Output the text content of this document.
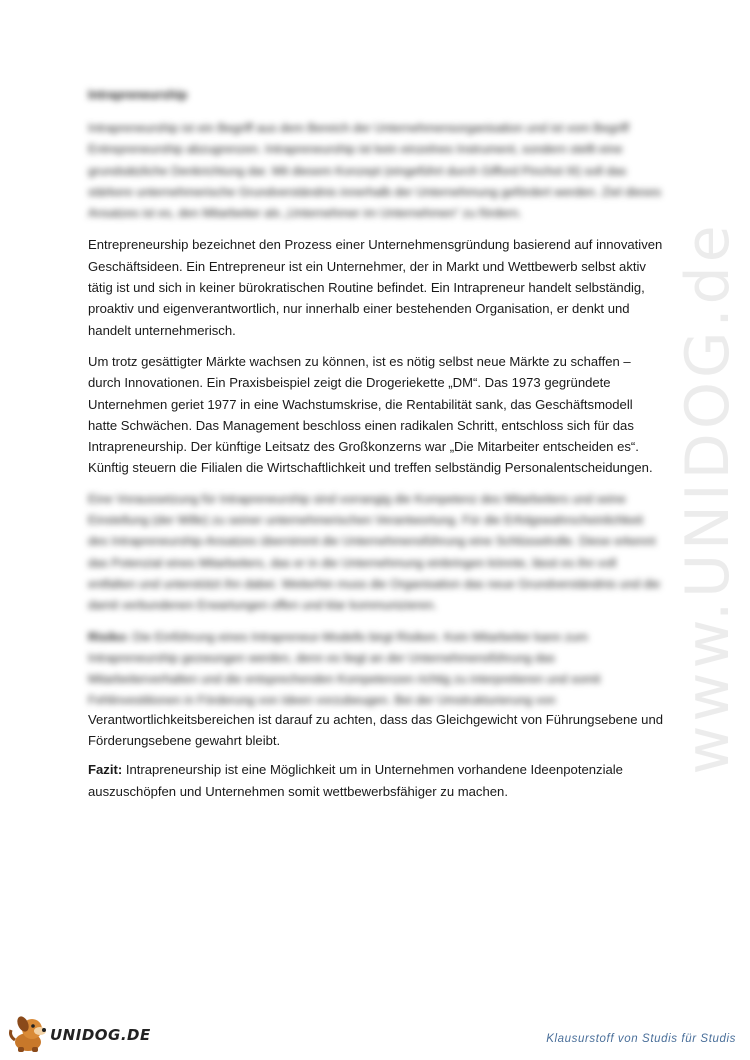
www.UNIDOG.de
Intrapreneurship

Intrapreneurship ist ein Begriff aus dem Bereich der Unternehmensorganisation und ist vom Begriff Entrepreneurship abzugrenzen. Intrapreneurship ist kein einzelnes Instrument, sondern stellt eine grundsätzliche Denkrichtung dar. Mit diesem Konzept (eingeführt durch Gifford Pinchot III) soll das stärkere unternehmerische Grundverständnis innerhalb der Unternehmung gefördert werden. Ziel dieses Ansatzes ist es, den Mitarbeiter als „Unternehmer im Unternehmen“ zu fördern.

Entrepreneurship bezeichnet den Prozess einer Unternehmensgründung basierend auf innovativen Geschäftsideen. Ein Entrepreneur ist ein Unternehmer, der in Markt und Wettbewerb selbst aktiv tätig ist und sich in keiner bürokratischen Routine befindet. Ein Intrapreneur handelt selbständig, proaktiv und eigenverantwortlich, nur innerhalb einer bestehenden Organisation, er denkt und handelt unternehmerisch.

Um trotz gesättigter Märkte wachsen zu können, ist es nötig selbst neue Märkte zu schaffen – durch Innovationen. Ein Praxisbeispiel zeigt die Drogeriekette „DM“. Das 1973 gegründete Unternehmen geriet 1977 in eine Wachstumskrise, die Rentabilität sank, das Geschäftsmodell hatte Schwächen. Das Management beschloss einen radikalen Schritt, entschloss sich für das Intrapreneurship. Der künftige Leitsatz des Großkonzerns war „Die Mitarbeiter entscheiden es“. Künftig steuern die Filialen die Wirtschaftlichkeit und treffen selbständig Personalentscheidungen.

Eine Voraussetzung für Intrapreneurship sind vorrangig die Kompetenz des Mitarbeiters und seine Einstellung (der Wille) zu seiner unternehmerischen Verantwortung. Für die Erfolgswahrscheinlichkeit des Intrapreneurship-Ansatzes übernimmt die Unternehmensführung eine Schlüsselrolle. Diese erkennt das Potenzial eines Mitarbeiters, das er in die Unternehmung einbringen könnte, lässt es ihn voll entfalten und unterstützt ihn dabei. Weiterhin muss die Organisation das neue Grundverständnis und die damit verbundenen Erwartungen offen und klar kommunizieren.

Risiko: Die Einführung eines Intrapreneur-Modells birgt Risiken. Kein Mitarbeiter kann zum Intrapreneurship gezwungen werden, denn es liegt an der Unternehmensführung das Mitarbeiterverhalten und die entsprechenden Kompetenzen richtig zu interpretieren und somit Fehlinvestitionen in Förderung von Ideen vorzubeugen. Bei der Umstrukturierung von
Verantwortlichkeitsbereichen ist darauf zu achten, dass das Gleichgewicht von Führungsebene und Förderungsebene gewahrt bleibt.

Fazit: Intrapreneurship ist eine Möglichkeit um in Unternehmen vorhandene Ideenpotenziale auszuschöpfen und Unternehmen somit wettbewerbsfähiger zu machen.

UNIDOG.DE	Klausurstoff von Studis für Studis
